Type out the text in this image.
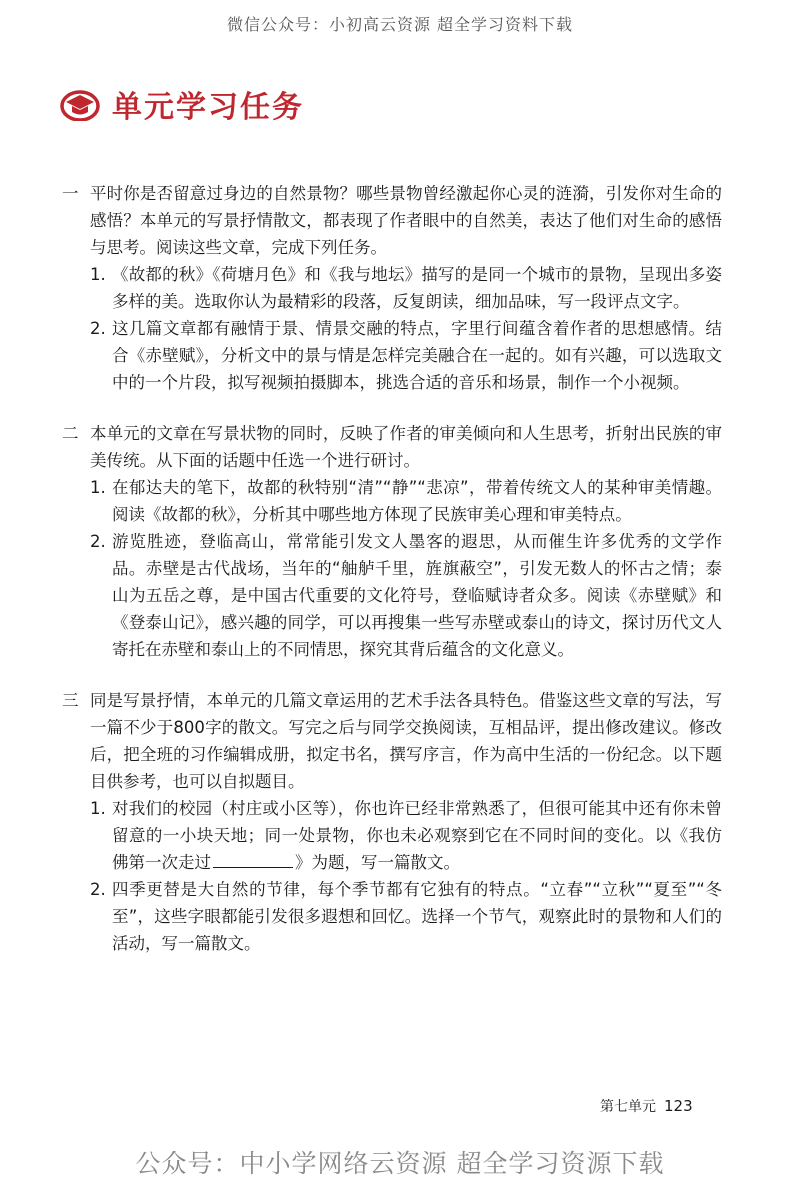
微信公众号：小初高云资源 超全学习资料下载
单元学习任务
一 平时你是否留意过身边的自然景物？哪些景物曾经激起你心灵的涟漪，引发你对生命的感悟？本单元的写景抒情散文，都表现了作者眼中的自然美，表达了他们对生命的感悟与思考。阅读这些文章，完成下列任务。
1. 《故都的秋》《荷塘月色》和《我与地坛》描写的是同一个城市的景物，呈现出多姿多样的美。选取你认为最精彩的段落，反复朗读，细加品味，写一段评点文字。
2. 这几篇文章都有融情于景、情景交融的特点，字里行间蕴含着作者的思想感情。结合《赤壁赋》，分析文中的景与情是怎样完美融合在一起的。如有兴趣，可以选取文中的一个片段，拟写视频拍摄脚本，挑选合适的音乐和场景，制作一个小视频。
二 本单元的文章在写景状物的同时，反映了作者的审美倾向和人生思考，折射出民族的审美传统。从下面的话题中任选一个进行研讨。
1. 在郁达夫的笔下，故都的秋特别“清”“静”“悲凉”，带着传统文人的某种审美情趣。阅读《故都的秋》，分析其中哪些地方体现了民族审美心理和审美特点。
2. 游览胜迹，登临高山，常常能引发文人墨客的遐思，从而催生许多优秀的文学作品。赤壁是古代战场，当年的“舳舻千里，旌旗蔽空”，引发无数人的怀古之情；泰山为五岳之尊，是中国古代重要的文化符号，登临赋诗者众多。阅读《赤壁赋》和《登泰山记》，感兴趣的同学，可以再搜集一些写赤壁或泰山的诗文，探讨历代文人寄托在赤壁和泰山上的不同情思，探究其背后蕴含的文化意义。
三 同是写景抒情，本单元的几篇文章运用的艺术手法各具特色。借鉴这些文章的写法，写一篇不少于800字的散文。写完之后与同学交换阅读，互相品评，提出修改建议。修改后，把全班的习作编辑成册，拟定书名，撰写序言，作为高中生活的一份纪念。以下题目供参考，也可以自拟题目。
1. 对我们的校园（村庄或小区等），你也许已经非常熟悉了，但很可能其中还有你未曾留意的一小块天地；同一处景物，你也未必观察到它在不同时间的变化。以《我仿佛第一次走过	》为题，写一篇散文。
2. 四季更替是大自然的节律，每个季节都有它独有的特点。“立春”“立秋”“夏至”“冬至”，这些字眼都能引发很多遐想和回忆。选择一个节气，观察此时的景物和人们的活动，写一篇散文。
第七单元 123
公众号：中小学网络云资源 超全学习资源下载
